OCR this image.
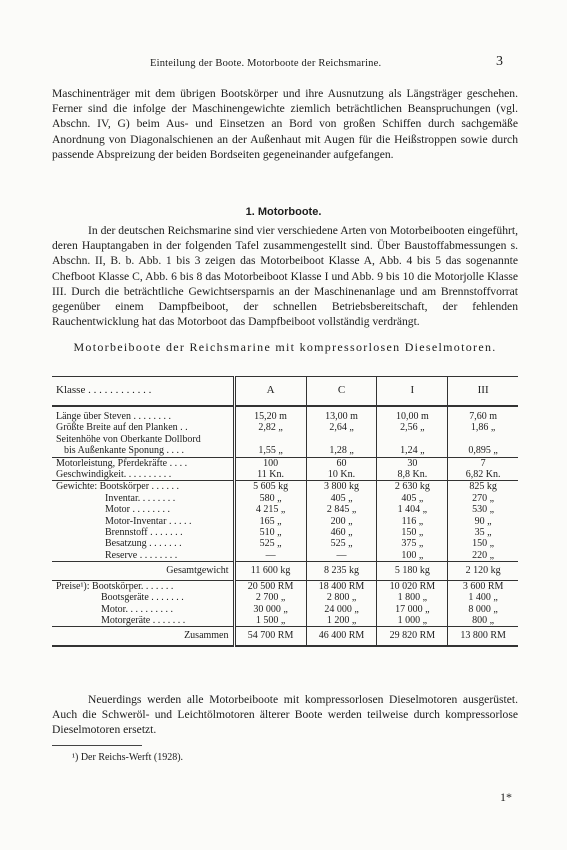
Einteilung der Boote. Motorboote der Reichsmarine.	3
Maschinenträger mit dem übrigen Bootskörper und ihre Ausnutzung als Längsträger geschehen. Ferner sind die infolge der Maschinengewichte ziemlich beträchtlichen Beanspruchungen (vgl. Abschn. IV, G) beim Aus- und Einsetzen an Bord von großen Schiffen durch sachgemäße Anordnung von Diagonalschienen an der Außenhaut mit Augen für die Heißstroppen sowie durch passende Abspreizung der beiden Bordseiten gegeneinander aufgefangen.
1. Motorboote.
In der deutschen Reichsmarine sind vier verschiedene Arten von Motorbeibooten eingeführt, deren Hauptangaben in der folgenden Tafel zusammengestellt sind. Über Baustoffabmessungen s. Abschn. II, B. b. Abb. 1 bis 3 zeigen das Motorbeiboot Klasse A, Abb. 4 bis 5 das sogenannte Chefboot Klasse C, Abb. 6 bis 8 das Motorbeiboot Klasse I und Abb. 9 bis 10 die Motorjolle Klasse III. Durch die beträchtliche Gewichtsersparnis an der Maschinenanlage und am Brennstoffvorrat gegenüber einem Dampfbeiboot, der schnellen Betriebsbereitschaft, der fehlenden Rauchentwicklung hat das Motorboot das Dampfbeiboot vollständig verdrängt.
Motorbeiboote der Reichsmarine mit kompressorlosen Dieselmotoren.
Klasse . . . . . . . . . . . .	A	C	I	III

Länge über Steven . . . . . . . .	15,20 m	13,00 m	10,00 m	7,60 m
Größte Breite auf den Planken . .	2,82 „	2,64 „	2,56 „	1,86 „
Seitenhöhe von Oberkante Dollbord				
bis Außenkante Sponung . . . .	1,55 „	1,28 „	1,24 „	0,895 „
Motorleistung, Pferdekräfte . . . .	100	60	30	7
Geschwindigkeit. . . . . . . . . .	11 Kn.	10 Kn.	8,8 Kn.	6,82 Kn.
Gewichte: Bootskörper . . . . . .	5 605 kg	3 800 kg	2 630 kg	825 kg
Inventar. . . . . . . .	580 „	405 „	405 „	270 „
Motor . . . . . . . .	4 215 „	2 845 „	1 404 „	530 „
Motor-Inventar . . . . .	165 „	200 „	116 „	90 „
Brennstoff . . . . . . .	510 „	460 „	150 „	35 „
Besatzung . . . . . . .	525 „	525 „	375 „	150 „
Reserve . . . . . . . .	—	—	100 „	220 „
Gesamtgewicht	11 600 kg	8 235 kg	5 180 kg	2 120 kg
Preise¹): Bootskörper. . . . . . .	20 500 RM	18 400 RM	10 020 RM	3 600 RM
Bootsgeräte . . . . . . .	2 700 „	2 800 „	1 800 „	1 400 „
Motor. . . . . . . . . .	30 000 „	24 000 „	17 000 „	8 000 „
Motorgeräte . . . . . . .	1 500 „	1 200 „	1 000 „	800 „
Zusammen	54 700 RM	46 400 RM	29 820 RM	13 800 RM
Neuerdings werden alle Motorbeiboote mit kompressorlosen Dieselmotoren ausgerüstet. Auch die Schweröl- und Leichtölmotoren älterer Boote werden teilweise durch kompressorlose Dieselmotoren ersetzt.
¹) Der Reichs-Werft (1928).
1*
